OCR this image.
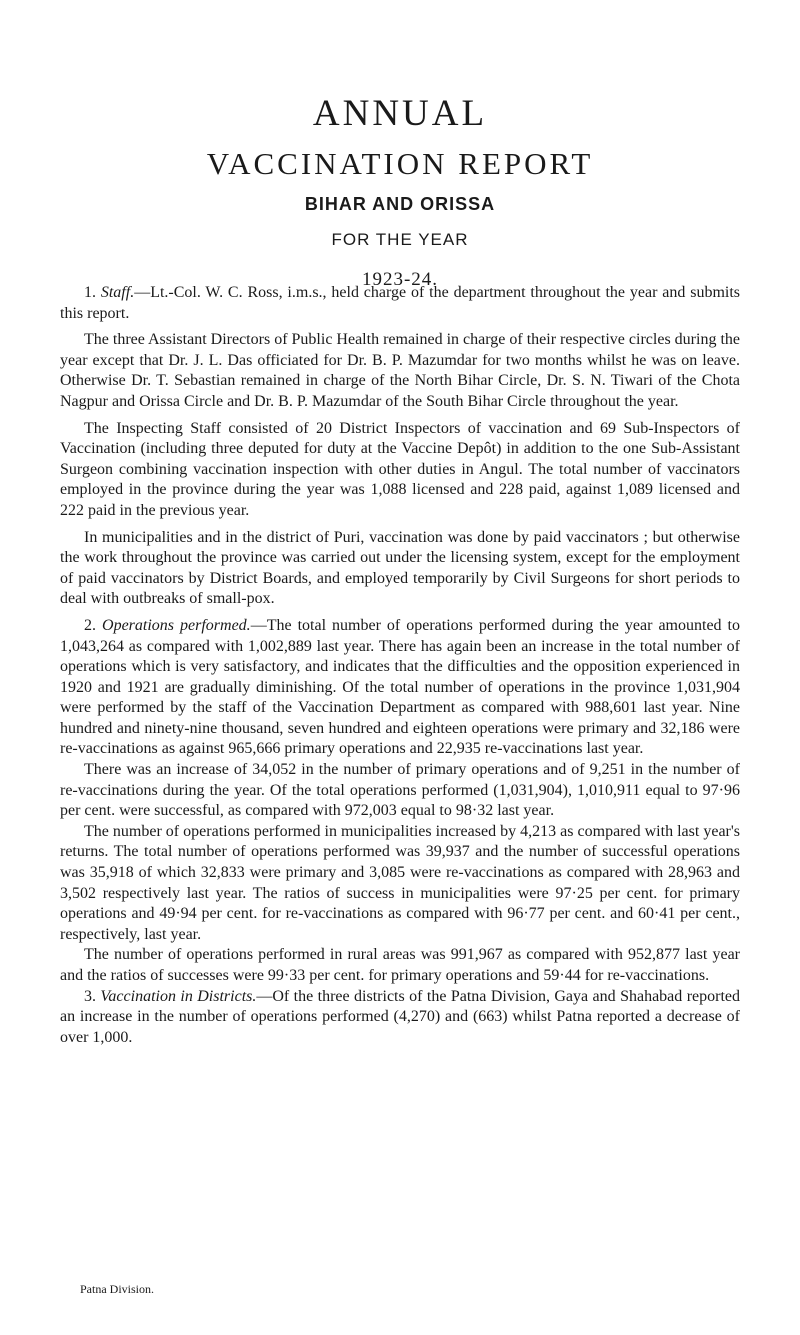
ANNUAL
VACCINATION REPORT
BIHAR AND ORISSA
FOR THE YEAR
1923-24.

1. Staff.—Lt.-Col. W. C. Ross, i.m.s., held charge of the department throughout the year and submits this report.

The three Assistant Directors of Public Health remained in charge of their respective circles during the year except that Dr. J. L. Das officiated for Dr. B. P. Mazumdar for two months whilst he was on leave. Otherwise Dr. T. Sebastian remained in charge of the North Bihar Circle, Dr. S. N. Tiwari of the Chota Nagpur and Orissa Circle and Dr. B. P. Mazumdar of the South Bihar Circle throughout the year.

The Inspecting Staff consisted of 20 District Inspectors of vaccination and 69 Sub-Inspectors of Vaccination (including three deputed for duty at the Vaccine Depôt) in addition to the one Sub-Assistant Surgeon combining vaccination inspection with other duties in Angul. The total number of vaccinators employed in the province during the year was 1,088 licensed and 228 paid, against 1,089 licensed and 222 paid in the previous year.

In municipalities and in the district of Puri, vaccination was done by paid vaccinators ; but otherwise the work throughout the province was carried out under the licensing system, except for the employment of paid vaccinators by District Boards, and employed temporarily by Civil Surgeons for short periods to deal with outbreaks of small-pox.

2. Operations performed.—The total number of operations performed during the year amounted to 1,043,264 as compared with 1,002,889 last year. There has again been an increase in the total number of operations which is very satisfactory, and indicates that the difficulties and the opposition experienced in 1920 and 1921 are gradually diminishing. Of the total number of operations in the province 1,031,904 were performed by the staff of the Vaccination Department as compared with 988,601 last year. Nine hundred and ninety-nine thousand, seven hundred and eighteen operations were primary and 32,186 were re-vaccinations as against 965,666 primary operations and 22,935 re-vaccinations last year.

There was an increase of 34,052 in the number of primary operations and of 9,251 in the number of re-vaccinations during the year. Of the total operations performed (1,031,904), 1,010,911 equal to 97·96 per cent. were successful, as compared with 972,003 equal to 98·32 last year.

The number of operations performed in municipalities increased by 4,213 as compared with last year's returns. The total number of operations performed was 39,937 and the number of successful operations was 35,918 of which 32,833 were primary and 3,085 were re-vaccinations as compared with 28,963 and 3,502 respectively last year. The ratios of success in municipalities were 97·25 per cent. for primary operations and 49·94 per cent. for re-vaccinations as compared with 96·77 per cent. and 60·41 per cent., respectively, last year.

The number of operations performed in rural areas was 991,967 as compared with 952,877 last year and the ratios of successes were 99·33 per cent. for primary operations and 59·44 for re-vaccinations.

3. Vaccination in Districts.—Of the three districts of the Patna Division, Gaya and Shahabad reported an increase in the number of operations performed (4,270) and (663) whilst Patna reported a decrease of over 1,000.

Patna Division.
